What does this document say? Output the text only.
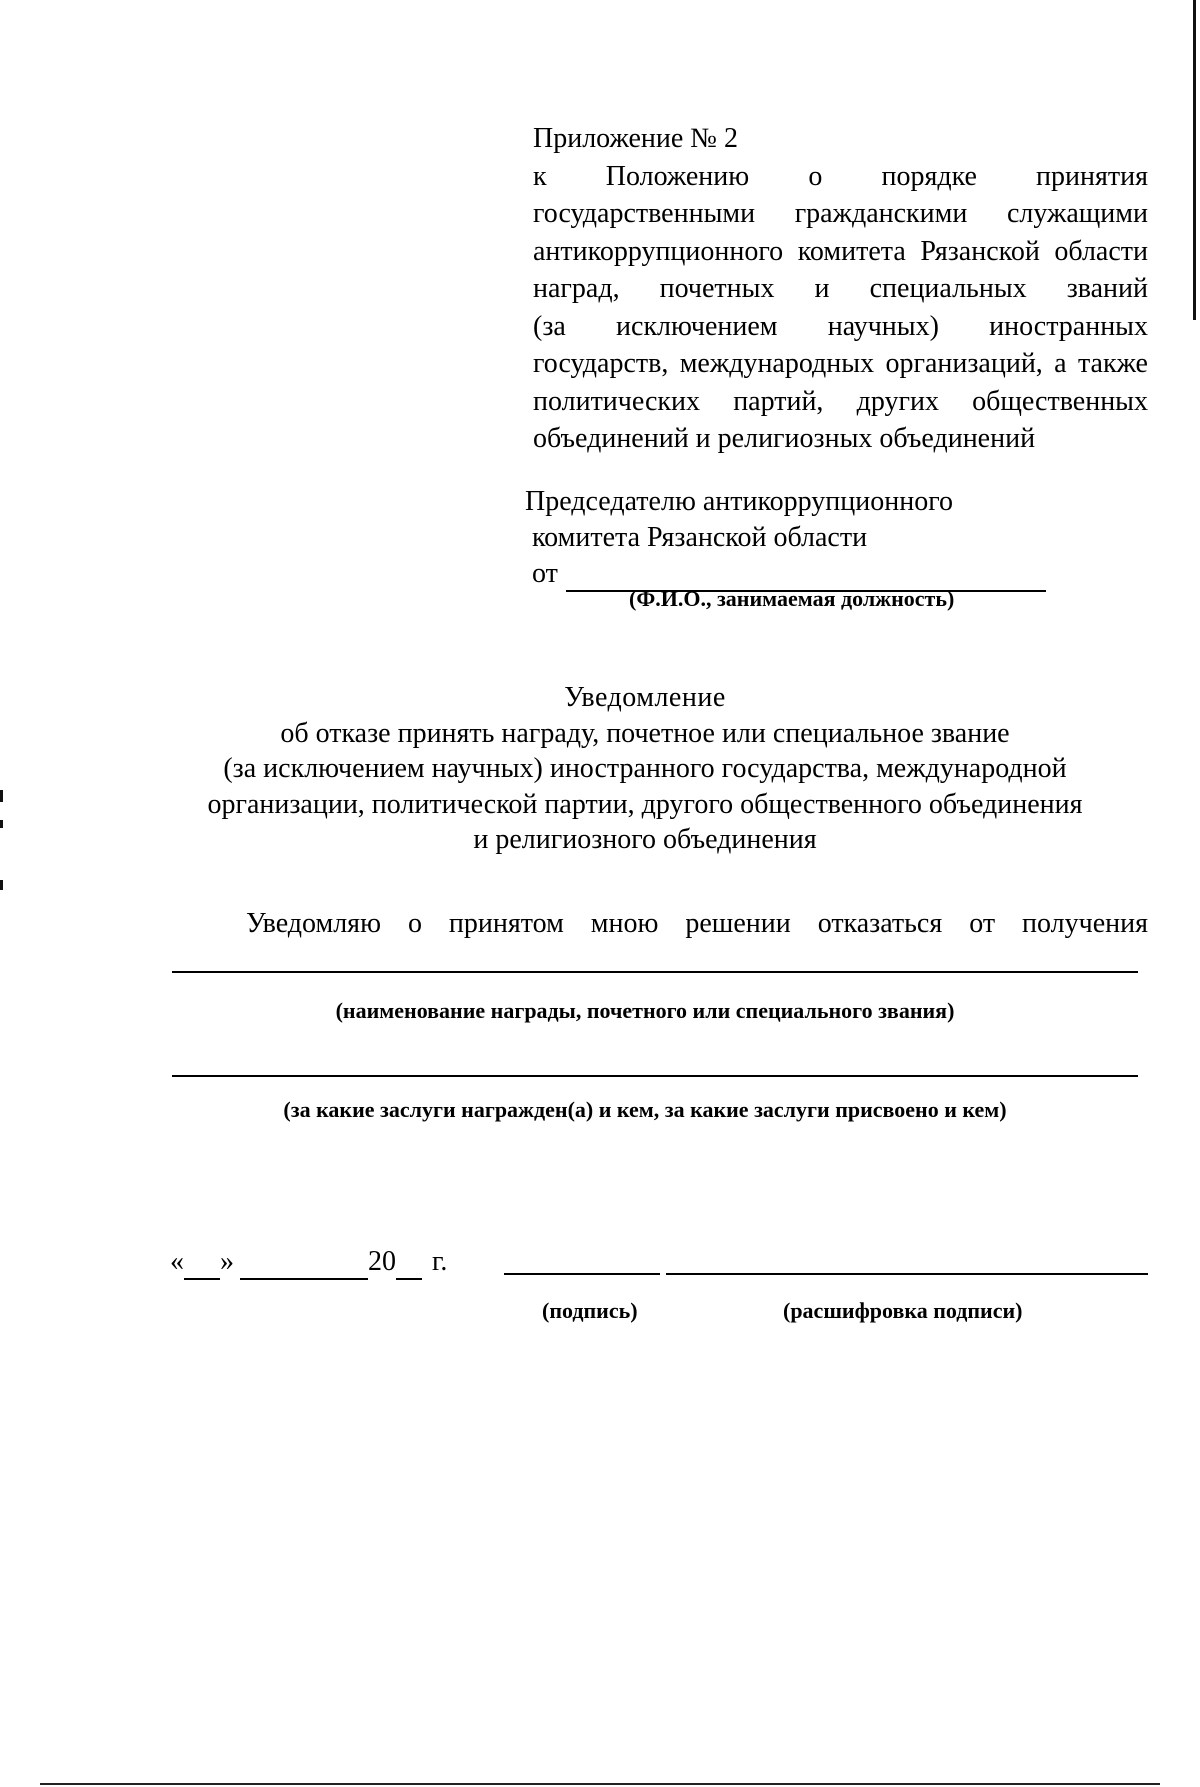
Приложение № 2
к Положению о порядке принятия
государственными гражданскими служащими
антикоррупционного комитета Рязанской области
наград, почетных и специальных званий
(за исключением научных) иностранных
государств, международных организаций, а также
политических партий, других общественных
объединений и религиозных объединений
Председателю антикоррупционного
комитета Рязанской области
от
(Ф.И.О., занимаемая должность)
Уведомление
об отказе принять награду, почетное или специальное звание
(за исключением научных) иностранного государства, международной
организации, политической партии, другого общественного объединения
и религиозного объединения
Уведомляю о принятом мною решении отказаться от получения
(наименование награды, почетного или специального звания)
(за какие заслуги награжден(а) и кем, за какие заслуги присвоено и кем)
« »	20 г.
(подпись)	(расшифровка подписи)
